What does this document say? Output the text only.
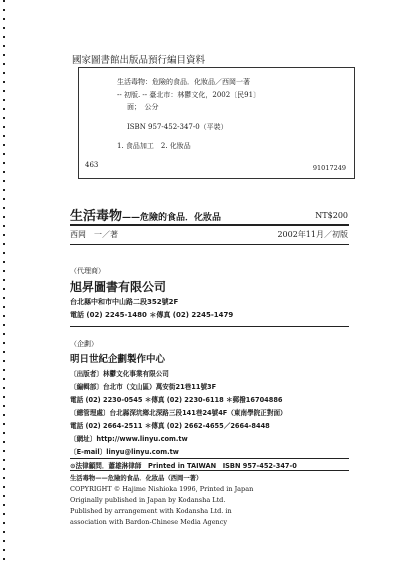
國家圖書館出版品預行編目資料
生活毒物：危險的食品．化妝品／西岡一著
-- 初版. -- 臺北市：林鬱文化，2002〔民91〕
面；　公分
ISBN 957-452-347-0（平裝）
1. 食品加工　2. 化妝品
463	91017249
生活毒物——危險的食品．化妝品	NT$200
西岡　一／著	2002年11月／初版
（代理商）
旭昇圖書有限公司
台北縣中和市中山路二段352號2F
電話 (02) 2245-1480 ＊傳真 (02) 2245-1479
（企劃）
明日世紀企劃製作中心
〔出版者〕林鬱文化事業有限公司
〔編輯部〕台北市（文山區）萬安街21巷11號3F
電話 (02) 2230-0545 ＊傳真 (02) 2230-6118 ＊郵撥16704886
〔總管理處〕台北縣深坑鄉北深路三段141巷24號4F（東南學院正對面）
電話 (02) 2664-2511 ＊傳真 (02) 2662-4655／2664-8448
〔網址〕http://www.linyu.com.tw
〔E-mail〕linyu@linyu.com.tw
⊙法律顧問．蕭雄淋律師　Printed in TAIWAN　ISBN 957-452-347-0
生活毒物——危險的食品．化妝品（西岡一著）
COPYRIGHT © Hajime Nishioka 1996, Printed in Japan
Originally published in Japan by Kodansha Ltd.
Published by arrangement with Kodansha Ltd. in
association with Bardon-Chinese Media Agency
